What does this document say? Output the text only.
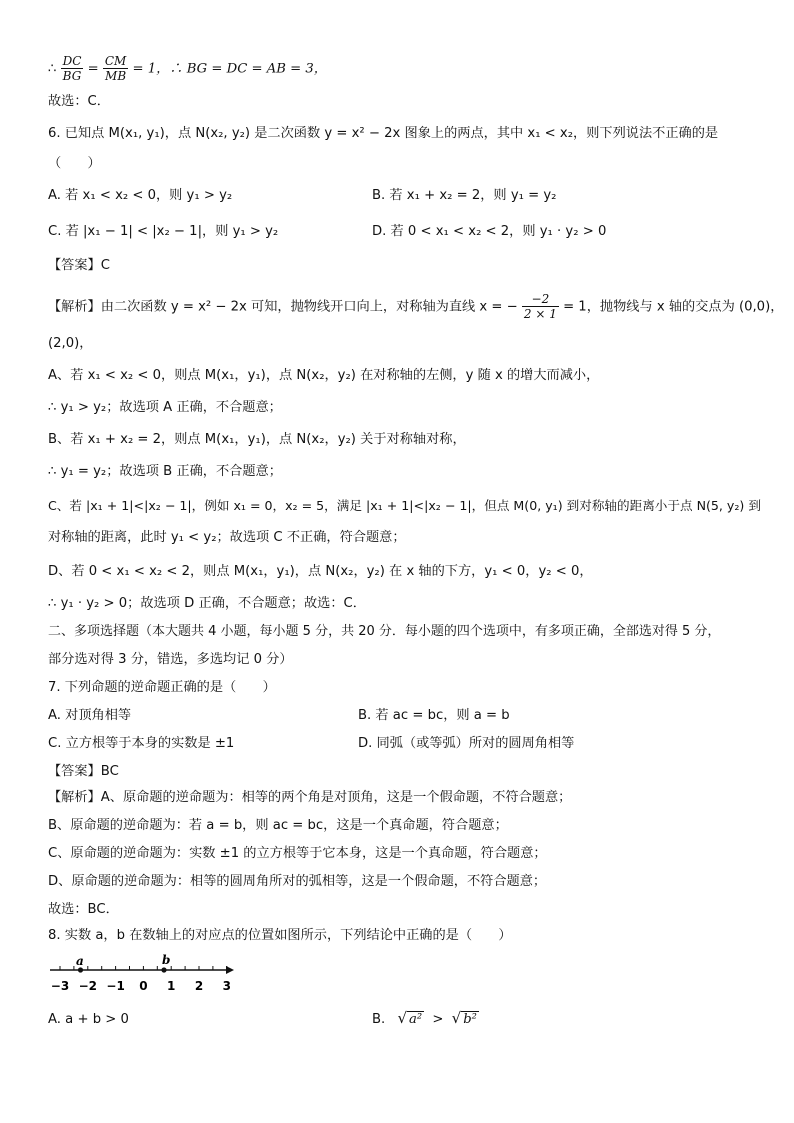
∴ $\frac{DC}{BG} = \frac{CM}{MB} = 1$，∴ BG = DC = AB = 3，
故选：C．
6. 已知点 M(x₁, y₁)，点 N(x₂, y₂) 是二次函数 y = x² − 2x 图象上的两点，其中 x₁ < x₂，则下列说法不正确的是
（　　）
A. 若 x₁ < x₂ < 0，则 y₁ > y₂	B. 若 x₁ + x₂ = 2，则 y₁ = y₂
C. 若 |x₁ − 1| < |x₂ − 1|，则 y₁ > y₂	D. 若 0 < x₁ < x₂ < 2，则 y₁ · y₂ > 0
【答案】C
【解析】由二次函数 y = x² − 2x 可知，抛物线开口向上，对称轴为直线 x = − $\frac{-2}{2 \times 1} = 1$，抛物线与 x 轴的交点为 (0,0)，
(2,0)，
A、若 x₁ < x₂ < 0，则点 M(x₁，y₁)，点 N(x₂，y₂) 在对称轴的左侧，y 随 x 的增大而减小，
∴ y₁ > y₂；故选项 A 正确，不合题意；
B、若 x₁ + x₂ = 2，则点 M(x₁，y₁)，点 N(x₂，y₂) 关于对称轴对称，
∴ y₁ = y₂；故选项 B 正确，不合题意；
C、若 |x₁ + 1|<|x₂ − 1|，例如 x₁ = 0，x₂ = 5，满足 |x₁ + 1|<|x₂ − 1|，但点 M(0, y₁) 到对称轴的距离小于点 N(5, y₂) 到
对称轴的距离，此时 y₁ < y₂；故选项 C 不正确，符合题意；
D、若 0 < x₁ < x₂ < 2，则点 M(x₁，y₁)，点 N(x₂，y₂) 在 x 轴的下方，y₁ < 0，y₂ < 0，
∴ y₁ · y₂ > 0；故选项 D 正确，不合题意；故选：C．
二、多项选择题（本大题共 4 小题，每小题 5 分，共 20 分．每小题的四个选项中，有多项正确，全部选对得 5 分，
部分选对得 3 分，错选，多选均记 0 分）
7. 下列命题的逆命题正确的是（　　）
A. 对顶角相等	B. 若 ac = bc，则 a = b
C. 立方根等于本身的实数是 ±1	D. 同弧（或等弧）所对的圆周角相等
【答案】BC
【解析】A、原命题的逆命题为：相等的两个角是对顶角，这是一个假命题，不符合题意；
B、原命题的逆命题为：若 a = b，则 ac = bc，这是一个真命题，符合题意；
C、原命题的逆命题为：实数 ±1 的立方根等于它本身，这是一个真命题，符合题意；
D、原命题的逆命题为：相等的圆周角所对的弧相等，这是一个假命题，不符合题意；
故选：BC．
8. 实数 a，b 在数轴上的对应点的位置如图所示，下列结论中正确的是（　　）
−3 −2 −1 0 1 2 3
a	b
A. a + b > 0	B. √ a² > √ b²
